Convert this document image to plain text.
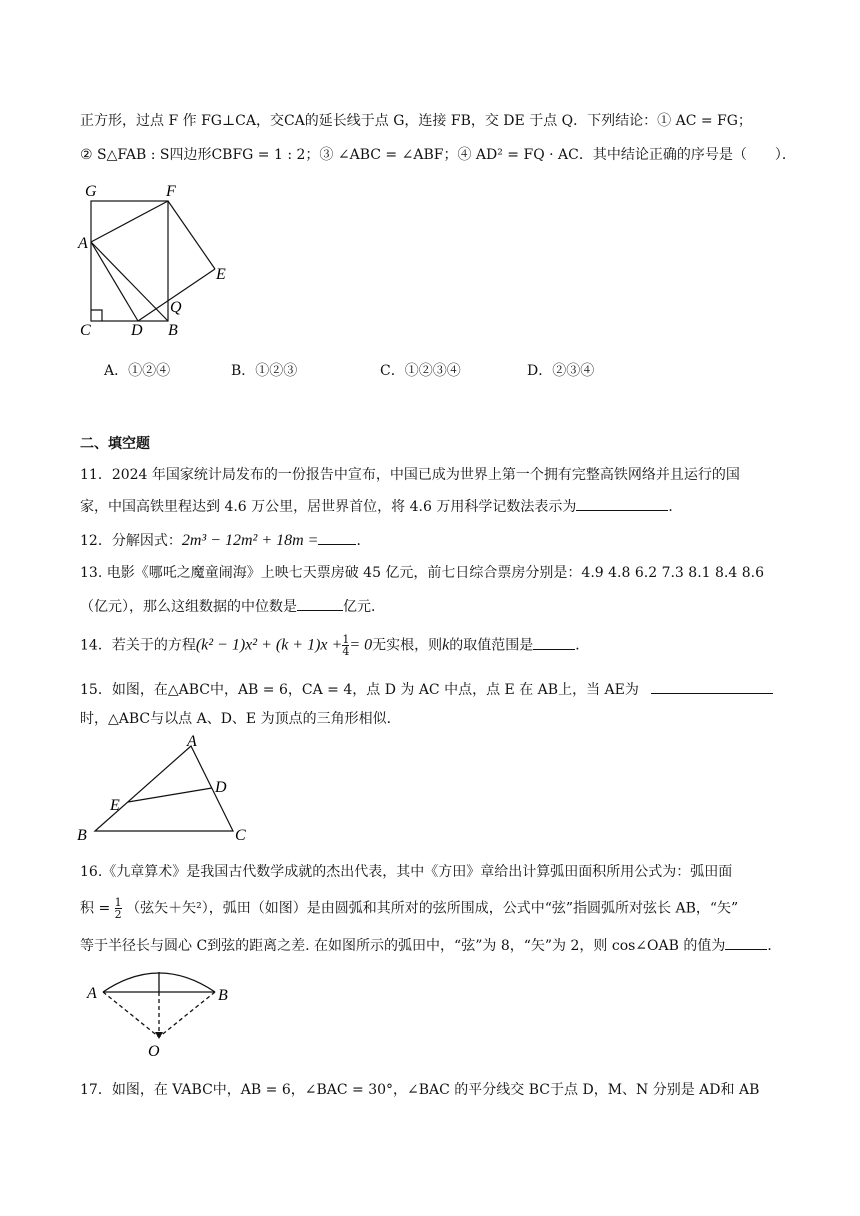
正方形，过点 F 作 FG⊥CA，交CA的延长线于点 G，连接 FB，交 DE 于点 Q．下列结论：① AC = FG；
② S△FAB : S四边形CBFG = 1 : 2；③ ∠ABC = ∠ABF；④ AD² = FQ · AC．其中结论正确的序号是（　　）．
G	F
A
E
Q
C	D B
A．①②④	B．①②③	C．①②③④	D．②③④
二、填空题
11．2024 年国家统计局发布的一份报告中宣布，中国已成为世界上第一个拥有完整高铁网络并且运行的国
家，中国高铁里程达到 4.6 万公里，居世界首位，将 4.6 万用科学记数法表示为	．
12．分解因式：2m³ − 12m² + 18m =	．
13. 电影《哪吒之魔童闹海》上映七天票房破 45 亿元，前七日综合票房分别是：4.9 4.8 6.2 7.3 8.1 8.4 8.6
（亿元），那么这组数据的中位数是	亿元．
14．若关于的方程$(k^2 - 1)x^2 + (k + 1)x + \frac{1}{4} = 0$无实根，则k的取值范围是	．
15．如图，在△ABC中，AB = 6，CA = 4，点 D 为 AC 中点，点 E 在 AB上，当 AE为
时，△ABC与以点 A、D、E 为顶点的三角形相似．
A
D
E
B	C
16.《九章算术》是我国古代数学成就的杰出代表，其中《方田》章给出计算弧田面积所用公式为：弧田面
积 = $\frac{1}{2}$ （弦矢＋矢²），弧田（如图）是由圆弧和其所对的弦所围成，公式中“弦”指圆弧所对弦长 AB，“矢”
等于半径长与圆心 C到弦的距离之差. 在如图所示的弧田中，“弦”为 8，“矢”为 2，则 cos∠OAB 的值为	．
A	B
O
17．如图，在 VABC中，AB = 6，∠BAC = 30°，∠BAC 的平分线交 BC于点 D，M、N 分别是 AD和 AB
